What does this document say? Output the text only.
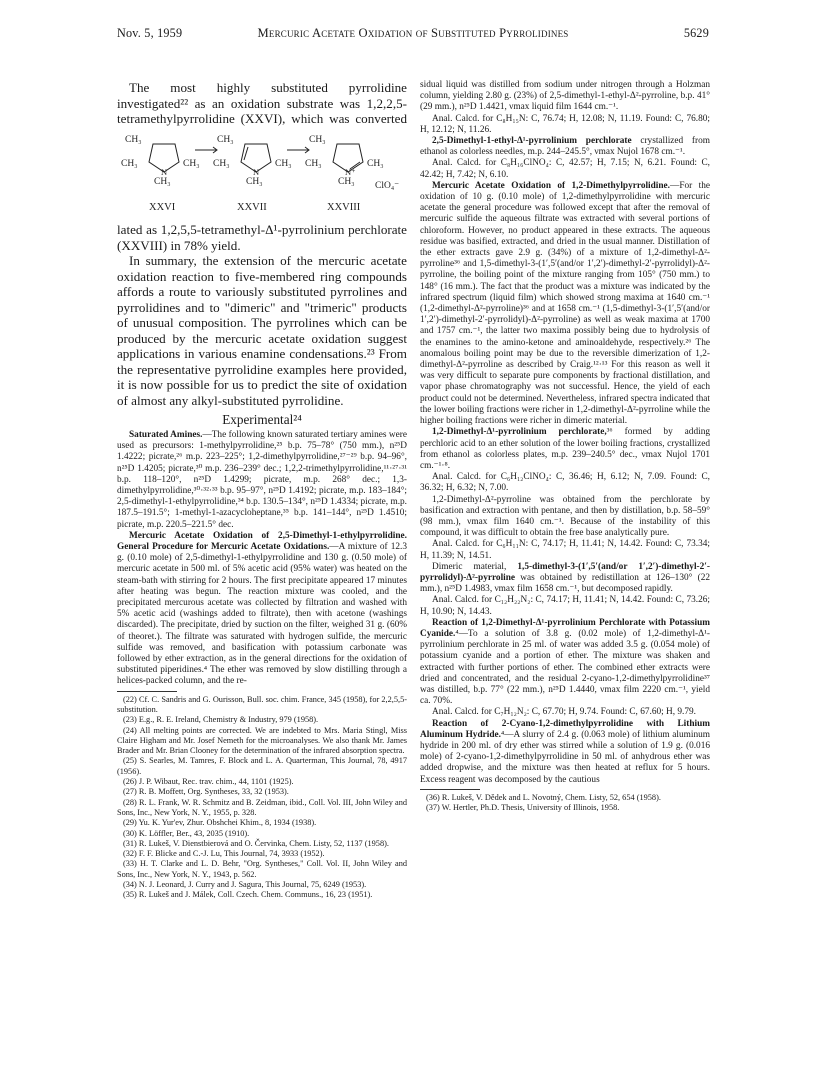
Nov. 5, 1959	Mercuric Acetate Oxidation of Substituted Pyrrolidines	5629

The most highly substituted pyrrolidine investigated²² as an oxidation substrate was 1,2,2,5-tetramethylpyrrolidine (XXVI), which was converted

CH₃
CH₃	CH₃
CH₃
N
CH₃
CH₃	CH₃
CH₃
N
CH₃
CH₃	CH₃
CH₃
N⁺
ClO₄⁻
XXVI	XXVII	XXVIII

lated as 1,2,5,5-tetramethyl-Δ¹-pyrrolinium perchlorate (XXVIII) in 78% yield.

In summary, the extension of the mercuric acetate oxidation reaction to five-membered ring compounds affords a route to variously substituted pyrrolines and pyrrolidines and to "dimeric" and "trimeric" products of unusual composition. The pyrrolines which can be produced by the mercuric acetate oxidation suggest applications in various enamine condensations.²³ From the representative pyrrolidine examples here provided, it is now possible for us to predict the site of oxidation of almost any alkyl-substituted pyrrolidine.

Experimental²⁴

Saturated Amines.—The following known saturated tertiary amines were used as precursors: 1-methylpyrrolidine,²⁵ b.p. 75–78° (750 mm.), n²⁵D 1.4222; picrate,²⁶ m.p. 223–225°; 1,2-dimethylpyrrolidine,²⁷⁻²⁹ b.p. 94–96°, n²⁵D 1.4205; picrate,³⁰ m.p. 236–239° dec.; 1,2,2-trimethylpyrrolidine,¹¹·²⁷·³¹ b.p. 118–120°, n²⁵D 1.4299; picrate, m.p. 268° dec.; 1,3-dimethylpyrrolidine,³⁰·³²·³³ b.p. 95–97°, n²⁵D 1.4192; picrate, m.p. 183–184°; 2,5-dimethyl-1-ethylpyrrolidine,³⁴ b.p. 130.5–134°, n²⁵D 1.4334; picrate, m.p. 187.5–191.5°; 1-methyl-1-azacycloheptane,³⁵ b.p. 141–144°, n²⁵D 1.4510; picrate, m.p. 220.5–221.5° dec.

Mercuric Acetate Oxidation of 2,5-Dimethyl-1-ethylpyrrolidine. General Procedure for Mercuric Acetate Oxidations.—A mixture of 12.3 g. (0.10 mole) of 2,5-dimethyl-1-ethylpyrrolidine and 130 g. (0.50 mole) of mercuric acetate in 500 ml. of 5% acetic acid (95% water) was heated on the steam-bath with stirring for 2 hours. The first precipitate appeared 17 minutes after heating was begun. The reaction mixture was cooled, and the precipitated mercurous acetate was collected by filtration and washed with 5% acetic acid (washings added to filtrate), then with acetone (washings discarded). The precipitate, dried by suction on the filter, weighed 31 g. (60% of theoret.). The filtrate was saturated with hydrogen sulfide, the mercuric sulfide was removed, and basification with potassium carbonate was followed by ether extraction, as in the general directions for the oxidation of substituted piperidines.⁴ The ether was removed by slow distilling through a helices-packed column, and the re-

(22) Cf. C. Sandris and G. Ourisson, Bull. soc. chim. France, 345 (1958), for 2,2,5,5-substitution.

(23) E.g., R. E. Ireland, Chemistry & Industry, 979 (1958).

(24) All melting points are corrected. We are indebted to Mrs. Maria Stingl, Miss Claire Higham and Mr. Josef Nemeth for the microanalyses. We also thank Mr. James Brader and Mr. Brian Clooney for the determination of the infrared absorption spectra.

(25) S. Searles, M. Tamres, F. Block and L. A. Quarterman, This Journal, 78, 4917 (1956).

(26) J. P. Wibaut, Rec. trav. chim., 44, 1101 (1925).

(27) R. B. Moffett, Org. Syntheses, 33, 32 (1953).

(28) R. L. Frank, W. R. Schmitz and B. Zeidman, ibid., Coll. Vol. III, John Wiley and Sons, Inc., New York, N. Y., 1955, p. 328.

(29) Yu. K. Yur'ev, Zhur. Obshchei Khim., 8, 1934 (1938).

(30) K. Löffler, Ber., 43, 2035 (1910).

(31) R. Lukeš, V. Dienstbierová and O. Červinka, Chem. Listy, 52, 1137 (1958).

(32) F. F. Blicke and C.-J. Lu, This Journal, 74, 3933 (1952).

(33) H. T. Clarke and L. D. Behr, "Org. Syntheses," Coll. Vol. II, John Wiley and Sons, Inc., New York, N. Y., 1943, p. 562.

(34) N. J. Leonard, J. Curry and J. Sagura, This Journal, 75, 6249 (1953).

(35) R. Lukeš and J. Málek, Coll. Czech. Chem. Communs., 16, 23 (1951).

sidual liquid was distilled from sodium under nitrogen through a Holzman column, yielding 2.80 g. (23%) of 2,5-dimethyl-1-ethyl-Δ²-pyrroline, b.p. 41° (29 mm.), n²⁵D 1.4421, νmax liquid film 1644 cm.⁻¹.

Anal. Calcd. for C₈H₁₅N: C, 76.74; H, 12.08; N, 11.19. Found: C, 76.80; H, 12.12; N, 11.26.

2,5-Dimethyl-1-ethyl-Δ¹-pyrrolinium perchlorate crystallized from ethanol as colorless needles, m.p. 244–245.5°, νmax Nujol 1678 cm.⁻¹.

Anal. Calcd. for C₈H₁₆ClNO₄: C, 42.57; H, 7.15; N, 6.21. Found: C, 42.42; H, 7.42; N, 6.10.

Mercuric Acetate Oxidation of 1,2-Dimethylpyrrolidine.—For the oxidation of 10 g. (0.10 mole) of 1,2-dimethylpyrrolidine with mercuric acetate the general procedure was followed except that after the removal of mercuric sulfide the aqueous filtrate was extracted with several portions of chloroform. However, no product appeared in these extracts. The aqueous residue was basified, extracted, and dried in the usual manner. Distillation of the ether extracts gave 2.9 g. (34%) of a mixture of 1,2-dimethyl-Δ²-pyrroline³⁶ and 1,5-dimethyl-3-(1′,5′(and/or 1′,2′)-dimethyl-2′-pyrrolidyl)-Δ²-pyrroline, the boiling point of the mixture ranging from 105° (750 mm.) to 148° (16 mm.). The fact that the product was a mixture was indicated by the infrared spectrum (liquid film) which showed strong maxima at 1640 cm.⁻¹ (1,2-dimethyl-Δ²-pyrroline)³⁶ and at 1658 cm.⁻¹ (1,5-dimethyl-3-(1′,5′(and/or 1′,2′)-dimethyl-2′-pyrrolidyl)-Δ²-pyrroline) as well as weak maxima at 1700 and 1757 cm.⁻¹, the latter two maxima possibly being due to hydrolysis of the enamines to the amino-ketone and aminoaldehyde, respectively.²⁶ The anomalous boiling point may be due to the reversible dimerization of 1,2-dimethyl-Δ²-pyrroline as described by Craig.¹²·¹³ For this reason as well it was very difficult to separate pure components by fractional distillation, and vapor phase chromatography was not successful. Hence, the yield of each product could not be determined. Nevertheless, infrared spectra indicated that the lower boiling fractions were richer in 1,2-dimethyl-Δ²-pyrroline while the higher boiling fractions were richer in dimeric material.

1,2-Dimethyl-Δ¹-pyrrolinium perchlorate,³⁶ formed by adding perchloric acid to an ether solution of the lower boiling fractions, crystallized from ethanol as colorless plates, m.p. 239–240.5° dec., νmax Nujol 1701 cm.⁻¹·⁸.

Anal. Calcd. for C₆H₁₂ClNO₄: C, 36.46; H, 6.12; N, 7.09. Found: C, 36.32; H, 6.32; N, 7.00.

1,2-Dimethyl-Δ²-pyrroline was obtained from the perchlorate by basification and extraction with pentane, and then by distillation, b.p. 58–59° (98 mm.), νmax film 1640 cm.⁻¹. Because of the instability of this compound, it was difficult to obtain the free base analytically pure.

Anal. Calcd. for C₆H₁₁N: C, 74.17; H, 11.41; N, 14.42. Found: C, 73.34; H, 11.39; N, 14.51.

Dimeric material, 1,5-dimethyl-3-(1′,5′(and/or 1′,2′)-dimethyl-2′-pyrrolidyl)-Δ²-pyrroline was obtained by redistillation at 126–130° (22 mm.), n²⁵D 1.4983, νmax film 1658 cm.⁻¹, but decomposed rapidly.

Anal. Calcd. for C₁₂H₂₂N₂: C, 74.17; H, 11.41; N, 14.42. Found: C, 73.26; H, 10.90; N, 14.43.

Reaction of 1,2-Dimethyl-Δ¹-pyrrolinium Perchlorate with Potassium Cyanide.⁴—To a solution of 3.8 g. (0.02 mole) of 1,2-dimethyl-Δ¹-pyrrolinium perchlorate in 25 ml. of water was added 3.5 g. (0.054 mole) of potassium cyanide and a portion of ether. The mixture was shaken and extracted with further portions of ether. The combined ether extracts were dried and concentrated, and the residual 2-cyano-1,2-dimethylpyrrolidine³⁷ was distilled, b.p. 77° (22 mm.), n²⁵D 1.4440, νmax film 2220 cm.⁻¹, yield ca. 70%.

Anal. Calcd. for C₇H₁₂N₂: C, 67.70; H, 9.74. Found: C, 67.60; H, 9.79.

Reaction of 2-Cyano-1,2-dimethylpyrrolidine with Lithium Aluminum Hydride.⁴—A slurry of 2.4 g. (0.063 mole) of lithium aluminum hydride in 200 ml. of dry ether was stirred while a solution of 1.9 g. (0.016 mole) of 2-cyano-1,2-dimethylpyrrolidine in 50 ml. of anhydrous ether was added dropwise, and the mixture was then heated at reflux for 5 hours. Excess reagent was decomposed by the cautious

(36) R. Lukeš, V. Dědek and L. Novotný, Chem. Listy, 52, 654 (1958).

(37) W. Hertler, Ph.D. Thesis, University of Illinois, 1958.
